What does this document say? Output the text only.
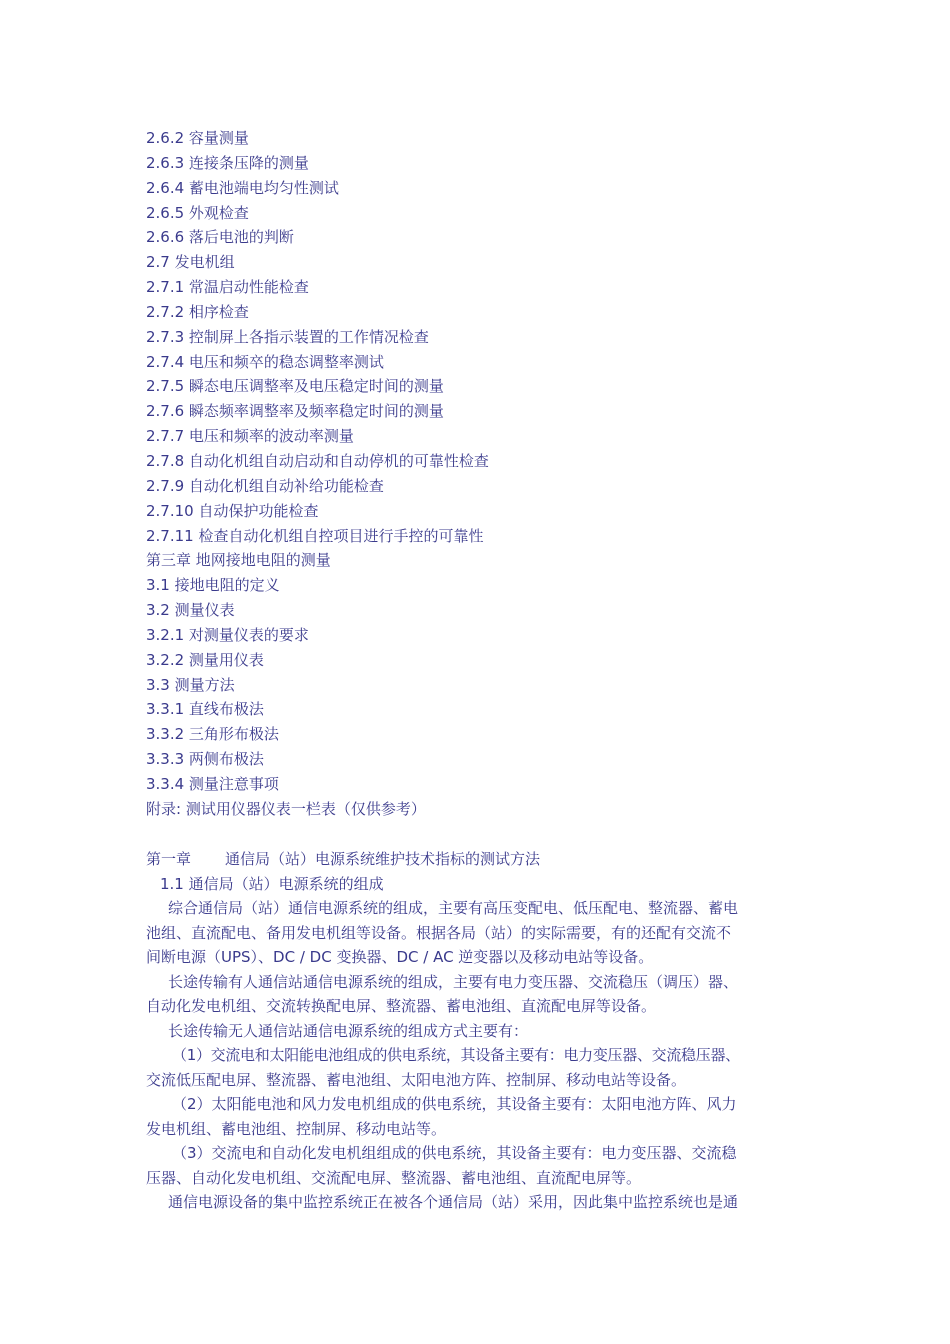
2.6.2 容量测量
2.6.3 连接条压降的测量
2.6.4 蓄电池端电均匀性测试
2.6.5 外观检查
2.6.6 落后电池的判断
2.7 发电机组
2.7.1 常温启动性能检查
2.7.2 相序检查
2.7.3 控制屏上各指示装置的工作情况检查
2.7.4 电压和频卒的稳态调整率测试
2.7.5 瞬态电压调整率及电压稳定时间的测量
2.7.6 瞬态频率调整率及频率稳定时间的测量
2.7.7 电压和频率的波动率测量
2.7.8 自动化机组自动启动和自动停机的可靠性检查
2.7.9 自动化机组自动补给功能检查
2.7.10 自动保护功能检查
2.7.11 检查自动化机组自控项目进行手控的可靠性
第三章 地网接地电阻的测量
3.1 接地电阻的定义
3.2 测量仪表
3.2.1 对测量仪表的要求
3.2.2 测量用仪表
3.3 测量方法
3.3.1 直线布极法
3.3.2 三角形布极法
3.3.3 两侧布极法
3.3.4 测量注意事项
附录: 测试用仪器仪表一栏表（仅供参考）
第一章 通信局（站）电源系统维护技术指标的测试方法
1.1 通信局（站）电源系统的组成
综合通信局（站）通信电源系统的组成，主要有高压变配电、低压配电、整流器、蓄电
池组、直流配电、备用发电机组等设备。根据各局（站）的实际需要，有的还配有交流不
间断电源（UPS）、DC / DC 变换器、DC / AC 逆变器以及移动电站等设备。
长途传输有人通信站通信电源系统的组成，主要有电力变压器、交流稳压（调压）器、
自动化发电机组、交流转换配电屏、整流器、蓄电池组、直流配电屏等设备。
长途传输无人通信站通信电源系统的组成方式主要有：
（1）交流电和太阳能电池组成的供电系统，其设备主要有：电力变压器、交流稳压器、
交流低压配电屏、整流器、蓄电池组、太阳电池方阵、控制屏、移动电站等设备。
（2）太阳能电池和风力发电机组成的供电系统，其设备主要有：太阳电池方阵、风力
发电机组、蓄电池组、控制屏、移动电站等。
（3）交流电和自动化发电机组组成的供电系统，其设备主要有：电力变压器、交流稳
压器、自动化发电机组、交流配电屏、整流器、蓄电池组、直流配电屏等。
通信电源设备的集中监控系统正在被各个通信局（站）采用，因此集中监控系统也是通
